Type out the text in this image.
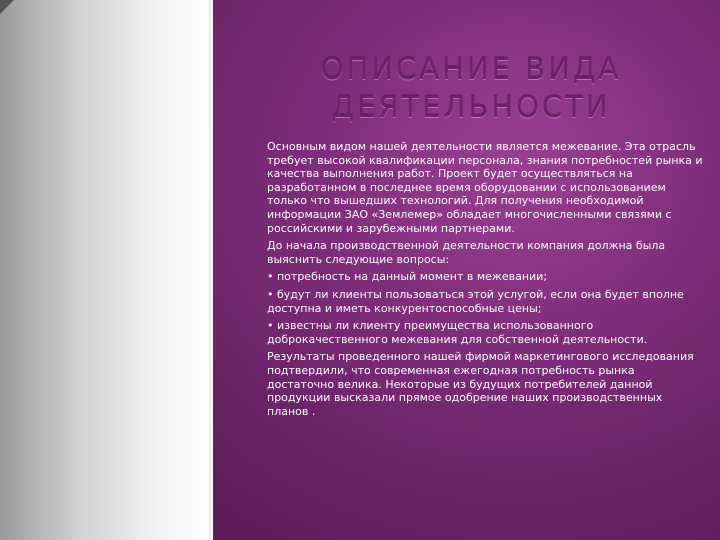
ОПИСАНИЕ ВИДА ДЕЯТЕЛЬНОСТИ

Основным видом нашей деятельности является межевание. Эта отрасль требует высокой квалификации персонала, знания потребностей рынка и качества выполнения работ. Проект будет осуществляться на разработанном в последнее время оборудовании с использованием только что вышедших технологий. Для получения необходимой информации ЗАО «Землемер» обладает многочисленными связями с российскими и зарубежными партнерами.

До начала производственной деятельности компания должна была выяснить следующие вопросы:

• потребность на данный момент в межевании;

• будут ли клиенты пользоваться этой услугой, если она будет вполне доступна и иметь конкурентоспособные цены;

• известны ли клиенту преимущества использованного доброкачественного межевания для собственной деятельности.

Результаты проведенного нашей фирмой маркетингового исследования подтвердили, что современная ежегодная потребность рынка достаточно велика. Некоторые из будущих потребителей данной продукции высказали прямое одобрение наших производственных планов .
